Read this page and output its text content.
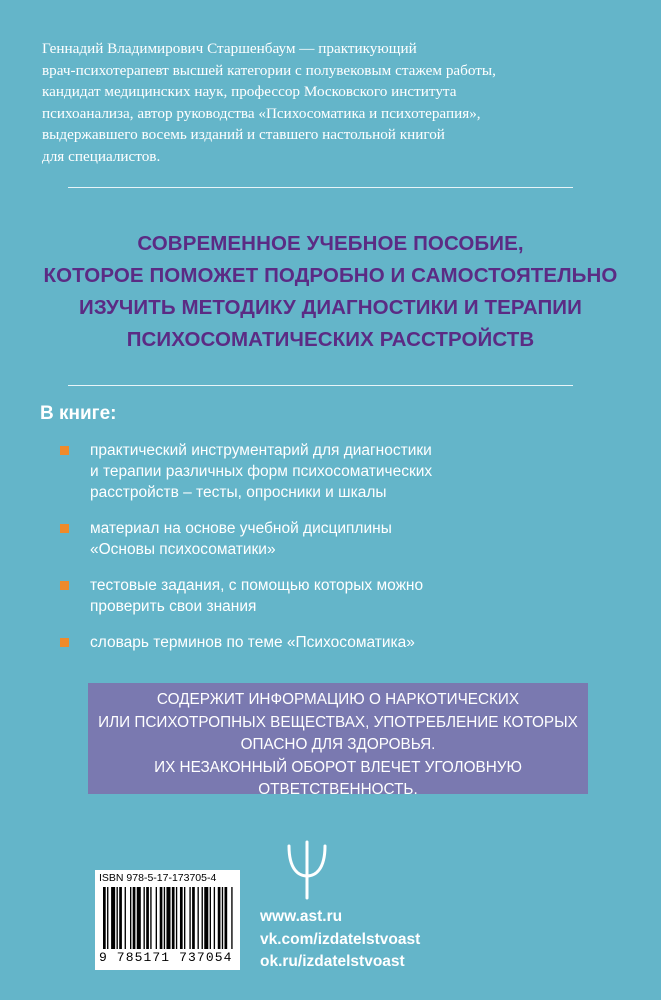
Геннадий Владимирович Старшенбаум — практикующий
врач-психотерапевт высшей категории с полувековым стажем работы,
кандидат медицинских наук, профессор Московского института
психоанализа, автор руководства «Психосоматика и психотерапия»,
выдержавшего восемь изданий и ставшего настольной книгой
для специалистов.
СОВРЕМЕННОЕ УЧЕБНОЕ ПОСОБИЕ,
КОТОРОЕ ПОМОЖЕТ ПОДРОБНО И САМОСТОЯТЕЛЬНО
ИЗУЧИТЬ МЕТОДИКУ ДИАГНОСТИКИ И ТЕРАПИИ
ПСИХОСОМАТИЧЕСКИХ РАССТРОЙСТВ
В книге:
практический инструментарий для диагностики
и терапии различных форм психосоматических
расстройств – тесты, опросники и шкалы
материал на основе учебной дисциплины
«Основы психосоматики»
тестовые задания, с помощью которых можно
проверить свои знания
словарь терминов по теме «Психосоматика»
СОДЕРЖИТ ИНФОРМАЦИЮ О НАРКОТИЧЕСКИХ
ИЛИ ПСИХОТРОПНЫХ ВЕЩЕСТВАХ, УПОТРЕБЛЕНИЕ КОТОРЫХ
ОПАСНО ДЛЯ ЗДОРОВЬЯ.
ИХ НЕЗАКОННЫЙ ОБОРОТ ВЛЕЧЕТ УГОЛОВНУЮ ОТВЕТСТВЕННОСТЬ.
ISBN 978-5-17-173705-4
9 785171 737054
www.ast.ru
vk.com/izdatelstvoast
ok.ru/izdatelstvoast
